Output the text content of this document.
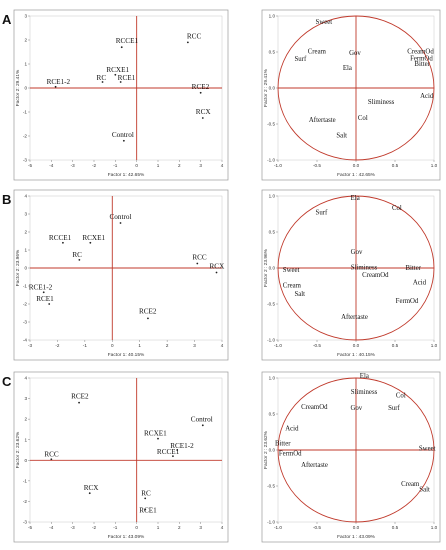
A
-5	-4	-3	-2	-1	0	1	2	3	4
-3
-2
-1
0
1
2
3
Factor 1: 42.65%
Factor 2: 29.41%
RCC
RCCE1
RCXE1
RC RCE1
RCE1-2
RCE2
RCX
Control
-1.0	-0.5	0.0	0.5	1.0
-1.0
-0.5
0.0
0.5
1.0
Factor 1 : 42.65%
Factor 2 : 29.41%
Sweet
Cream
Surf
Gov
Ela
CreamOd
FermOd
Bitter
Acid
Sliminess
Col
Aftertaste
Salt
B
-3	-2	-1	0	1	2	3	4
-4
-3
-2
-1
0
1
2
3
4
Factor 1: 40.15%
Factor 2: 23.96%
Control
RCCE1 RCXE1
RC	RCC
RCX
RCE1-2
RCE1
RCE2
-1.0	-0.5	0.0	0.5	1.0
-1.0
-0.5
0.0
0.5
1.0
Factor 1 : 40.15%
Factor 2 : 23.96%
Ela
Col
Surf
Gov
Sliminess
CreamOd
Bitter
Acid
Sweet
Cream
Salt
FermOd
Aftertaste
C
-5	-4	-3	-2	-1	0	1	2	3	4
-3
-2
-1
0
1
2
3
4
Factor 1: 43.09%
Factor 2: 23.62%
RCE2
Control
RCXE1
RCE1-2
RCCE1
RCC
RCX
RC
RCE1
-1.0	-0.5	0.0	0.5	1.0
-1.0
-0.5
0.0
0.5
1.0
Factor 1 : 43.09%
Factor 2 : 23.62%
Ela
Sliminess
Gov
Col
Surf
CreamOd
Acid
Bitter
FermOd
Aftertaste
Sweet
Cream
Salt
